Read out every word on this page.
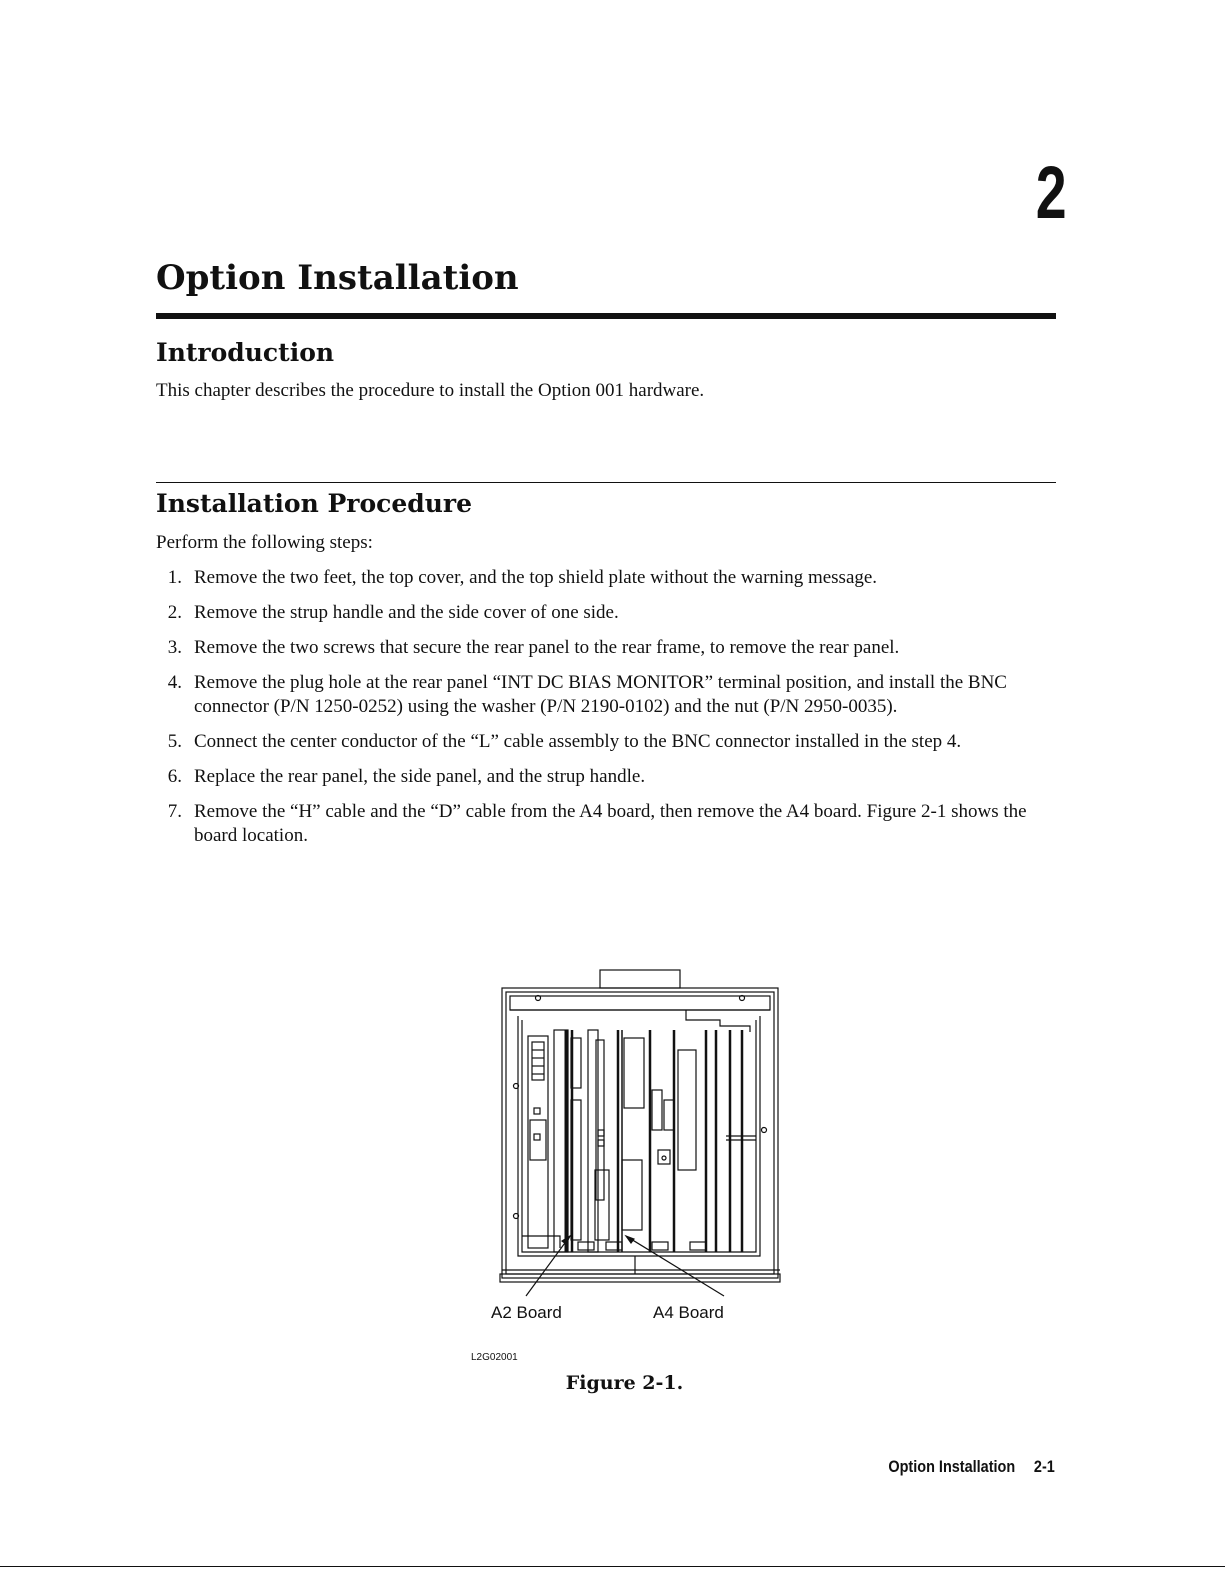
2
Option Installation
Introduction

This chapter describes the procedure to install the Option 001 hardware.

Installation Procedure

Perform the following steps:

1. Remove the two feet, the top cover, and the top shield plate without the warning message.
2. Remove the strup handle and the side cover of one side.
3. Remove the two screws that secure the rear panel to the rear frame, to remove the rear panel.
4. Remove the plug hole at the rear panel “INT DC BIAS MONITOR” terminal position, and install the BNC connector (P/N 1250-0252) using the washer (P/N 2190-0102) and the nut (P/N 2950-0035).
5. Connect the center conductor of the “L” cable assembly to the BNC connector installed in the step 4.
6. Replace the rear panel, the side panel, and the strup handle.
7. Remove the “H” cable and the “D” cable from the A4 board, then remove the A4 board. Figure 2-1 shows the board location.
A2 Board	A4 Board
L2G02001

Figure 2-1.

Option Installation 2-1
